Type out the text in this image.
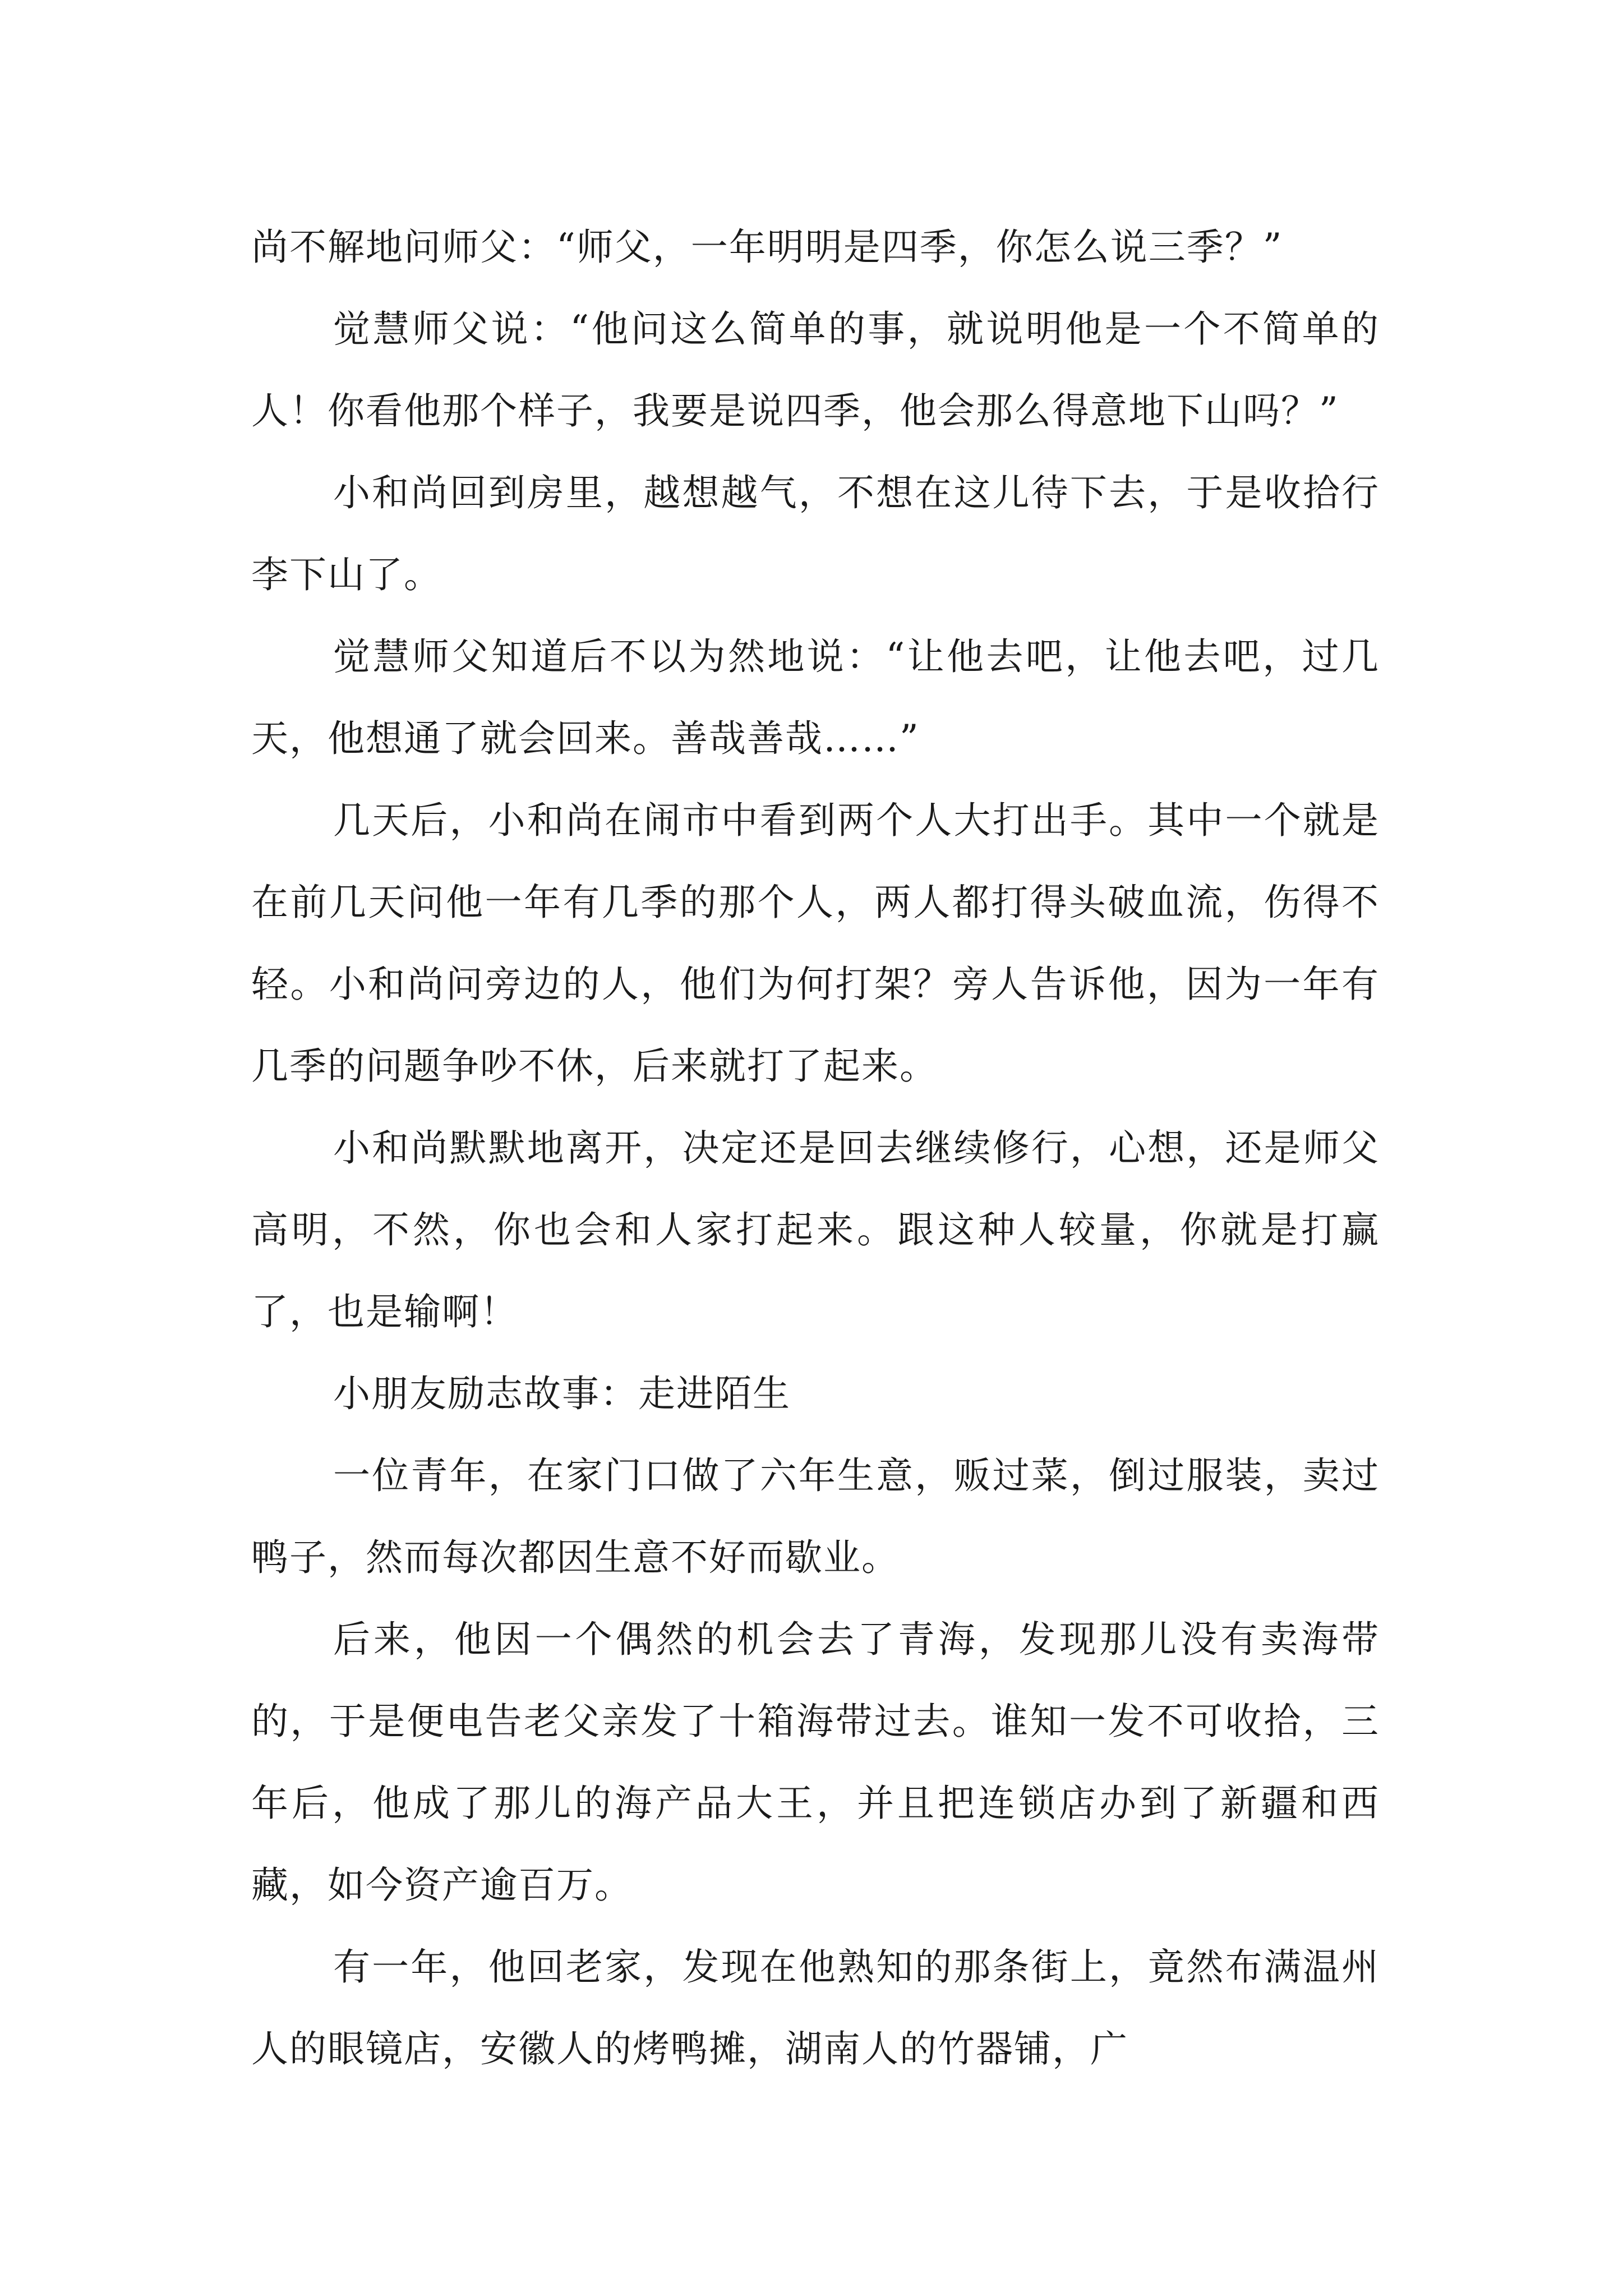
尚不解地问师父：“师父，一年明明是四季，你怎么说三季？”

觉慧师父说：“他问这么简单的事，就说明他是一个不简单的人！你看他那个样子，我要是说四季，他会那么得意地下山吗？”

小和尚回到房里，越想越气，不想在这儿待下去，于是收拾行李下山了。

觉慧师父知道后不以为然地说：“让他去吧，让他去吧，过几天，他想通了就会回来。善哉善哉……”

几天后，小和尚在闹市中看到两个人大打出手。其中一个就是在前几天问他一年有几季的那个人，两人都打得头破血流，伤得不轻。小和尚问旁边的人，他们为何打架？旁人告诉他，因为一年有几季的问题争吵不休，后来就打了起来。

小和尚默默地离开，决定还是回去继续修行，心想，还是师父高明，不然，你也会和人家打起来。跟这种人较量，你就是打赢了，也是输啊！

小朋友励志故事：走进陌生

一位青年，在家门口做了六年生意，贩过菜，倒过服装，卖过鸭子，然而每次都因生意不好而歇业。

后来，他因一个偶然的机会去了青海，发现那儿没有卖海带的，于是便电告老父亲发了十箱海带过去。谁知一发不可收拾，三年后，他成了那儿的海产品大王，并且把连锁店办到了新疆和西藏，如今资产逾百万。

有一年，他回老家，发现在他熟知的那条街上，竟然布满温州人的眼镜店，安徽人的烤鸭摊，湖南人的竹器铺，广
